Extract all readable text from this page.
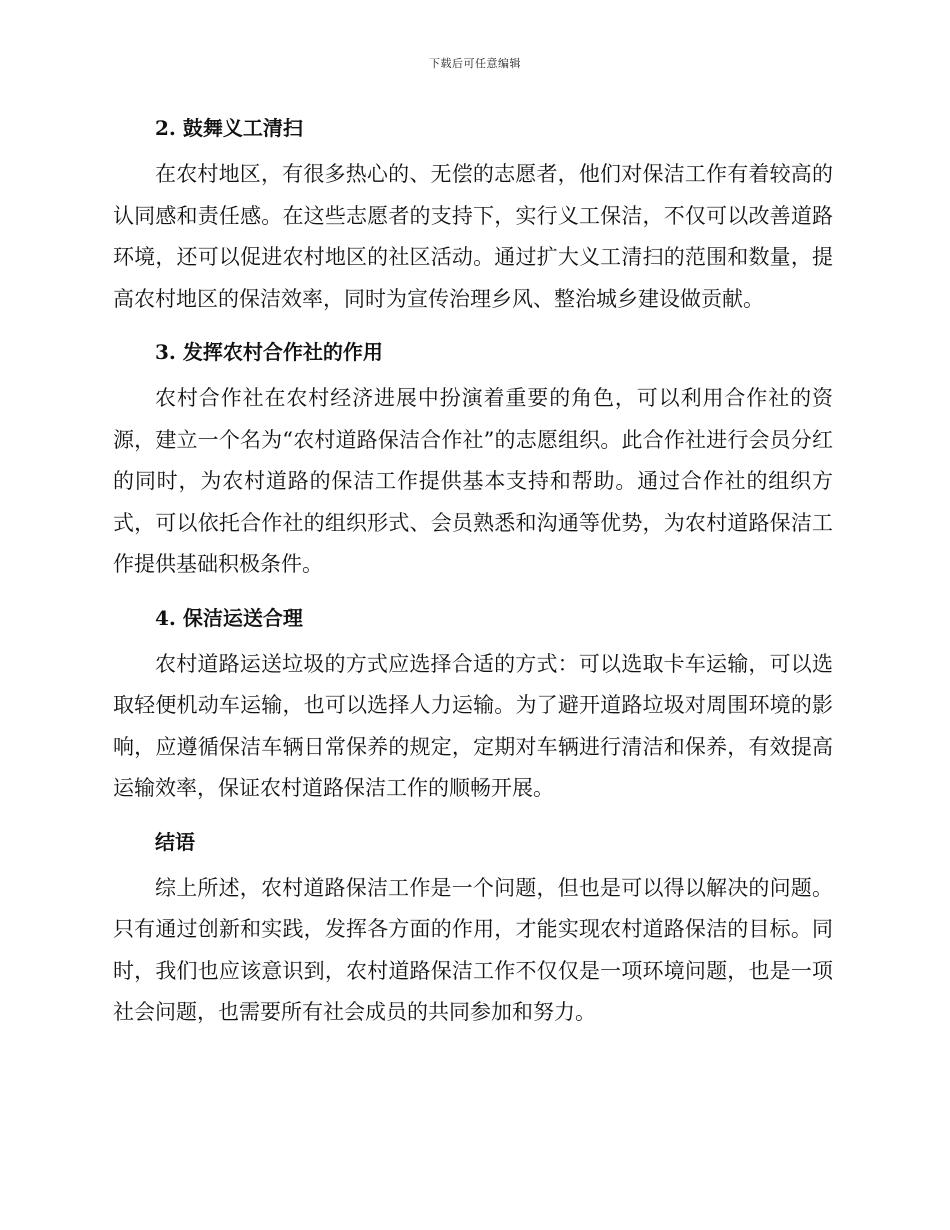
下载后可任意编辑
2. 鼓舞义工清扫

在农村地区，有很多热心的、无偿的志愿者，他们对保洁工作有着较高的认同感和责任感。在这些志愿者的支持下，实行义工保洁，不仅可以改善道路环境，还可以促进农村地区的社区活动。通过扩大义工清扫的范围和数量，提高农村地区的保洁效率，同时为宣传治理乡风、整治城乡建设做贡献。

3. 发挥农村合作社的作用

农村合作社在农村经济进展中扮演着重要的角色，可以利用合作社的资源，建立一个名为“农村道路保洁合作社”的志愿组织。此合作社进行会员分红的同时，为农村道路的保洁工作提供基本支持和帮助。通过合作社的组织方式，可以依托合作社的组织形式、会员熟悉和沟通等优势，为农村道路保洁工作提供基础积极条件。

4. 保洁运送合理

农村道路运送垃圾的方式应选择合适的方式：可以选取卡车运输，可以选取轻便机动车运输，也可以选择人力运输。为了避开道路垃圾对周围环境的影响，应遵循保洁车辆日常保养的规定，定期对车辆进行清洁和保养，有效提高运输效率，保证农村道路保洁工作的顺畅开展。

结语

综上所述，农村道路保洁工作是一个问题，但也是可以得以解决的问题。只有通过创新和实践，发挥各方面的作用，才能实现农村道路保洁的目标。同时，我们也应该意识到，农村道路保洁工作不仅仅是一项环境问题，也是一项社会问题，也需要所有社会成员的共同参加和努力。
